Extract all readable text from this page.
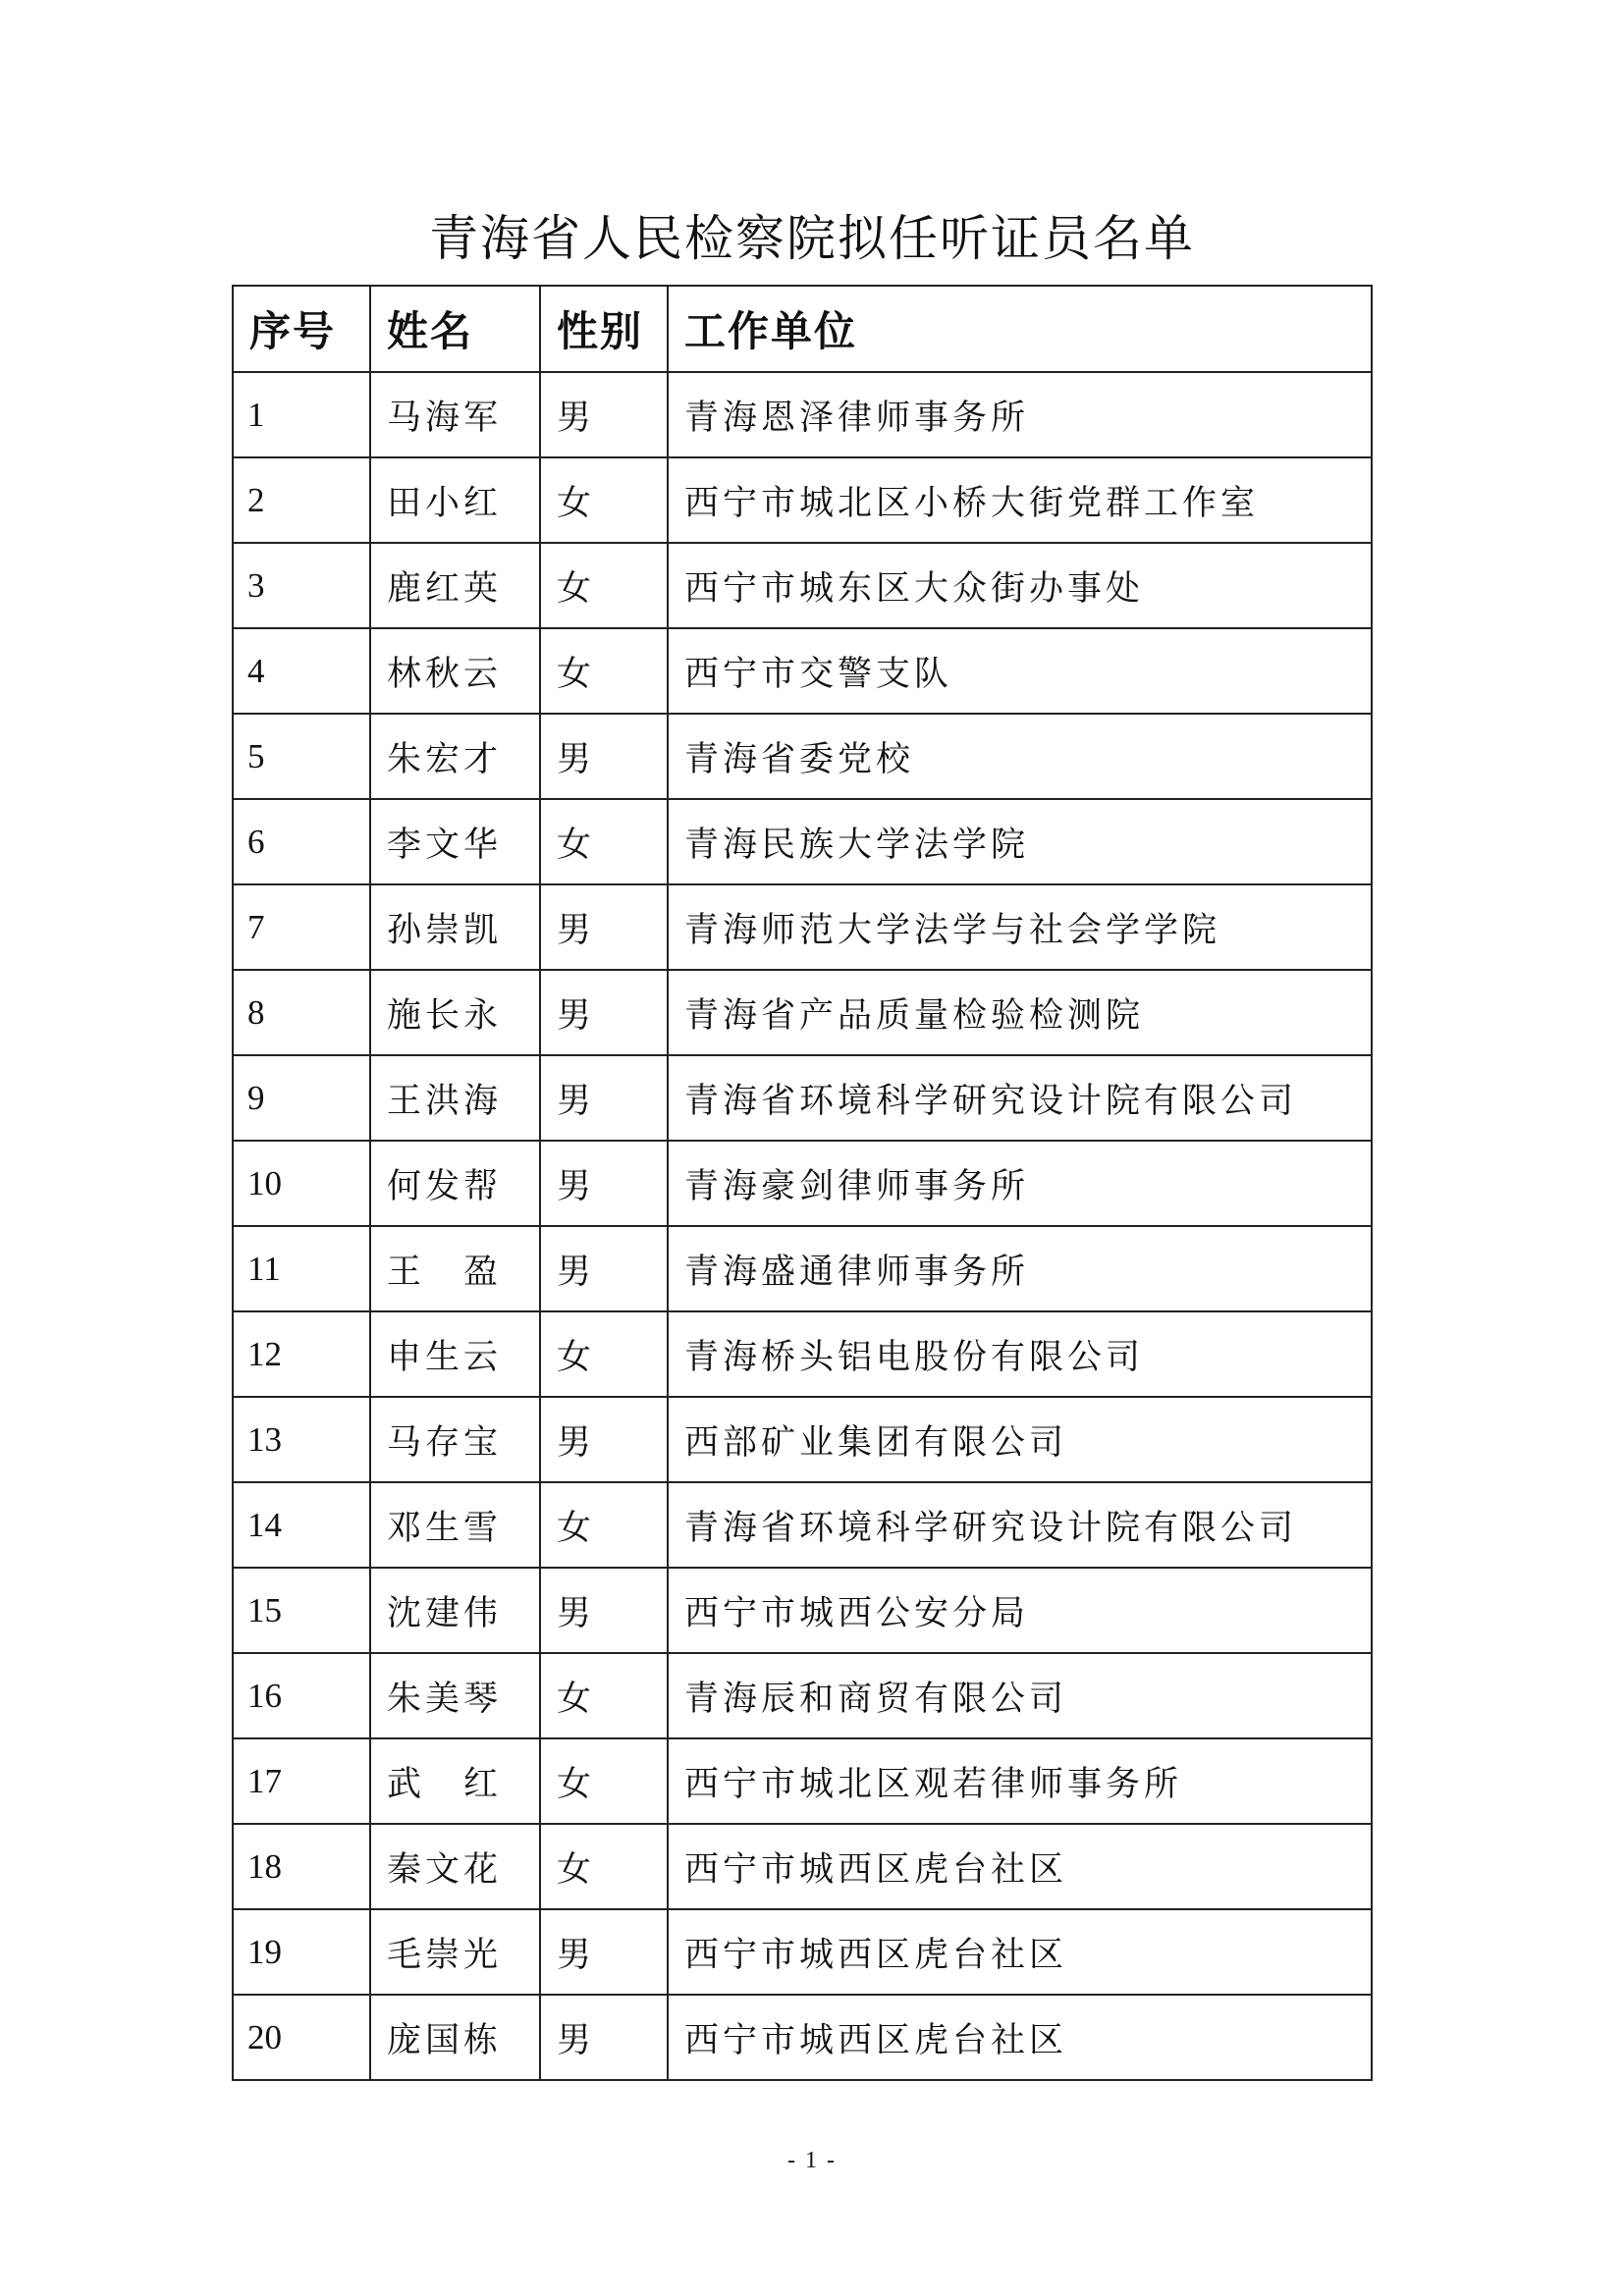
青海省人民检察院拟任听证员名单
序号	姓名	性别	工作单位
1	马海军	男	青海恩泽律师事务所
2	田小红	女	西宁市城北区小桥大街党群工作室
3	鹿红英	女	西宁市城东区大众街办事处
4	林秋云	女	西宁市交警支队
5	朱宏才	男	青海省委党校
6	李文华	女	青海民族大学法学院
7	孙崇凯	男	青海师范大学法学与社会学学院
8	施长永	男	青海省产品质量检验检测院
9	王洪海	男	青海省环境科学研究设计院有限公司
10	何发帮	男	青海豪剑律师事务所
11	王　盈	男	青海盛通律师事务所
12	申生云	女	青海桥头铝电股份有限公司
13	马存宝	男	西部矿业集团有限公司
14	邓生雪	女	青海省环境科学研究设计院有限公司
15	沈建伟	男	西宁市城西公安分局
16	朱美琴	女	青海辰和商贸有限公司
17	武　红	女	西宁市城北区观若律师事务所
18	秦文花	女	西宁市城西区虎台社区
19	毛崇光	男	西宁市城西区虎台社区
20	庞国栋	男	西宁市城西区虎台社区
- 1 -
